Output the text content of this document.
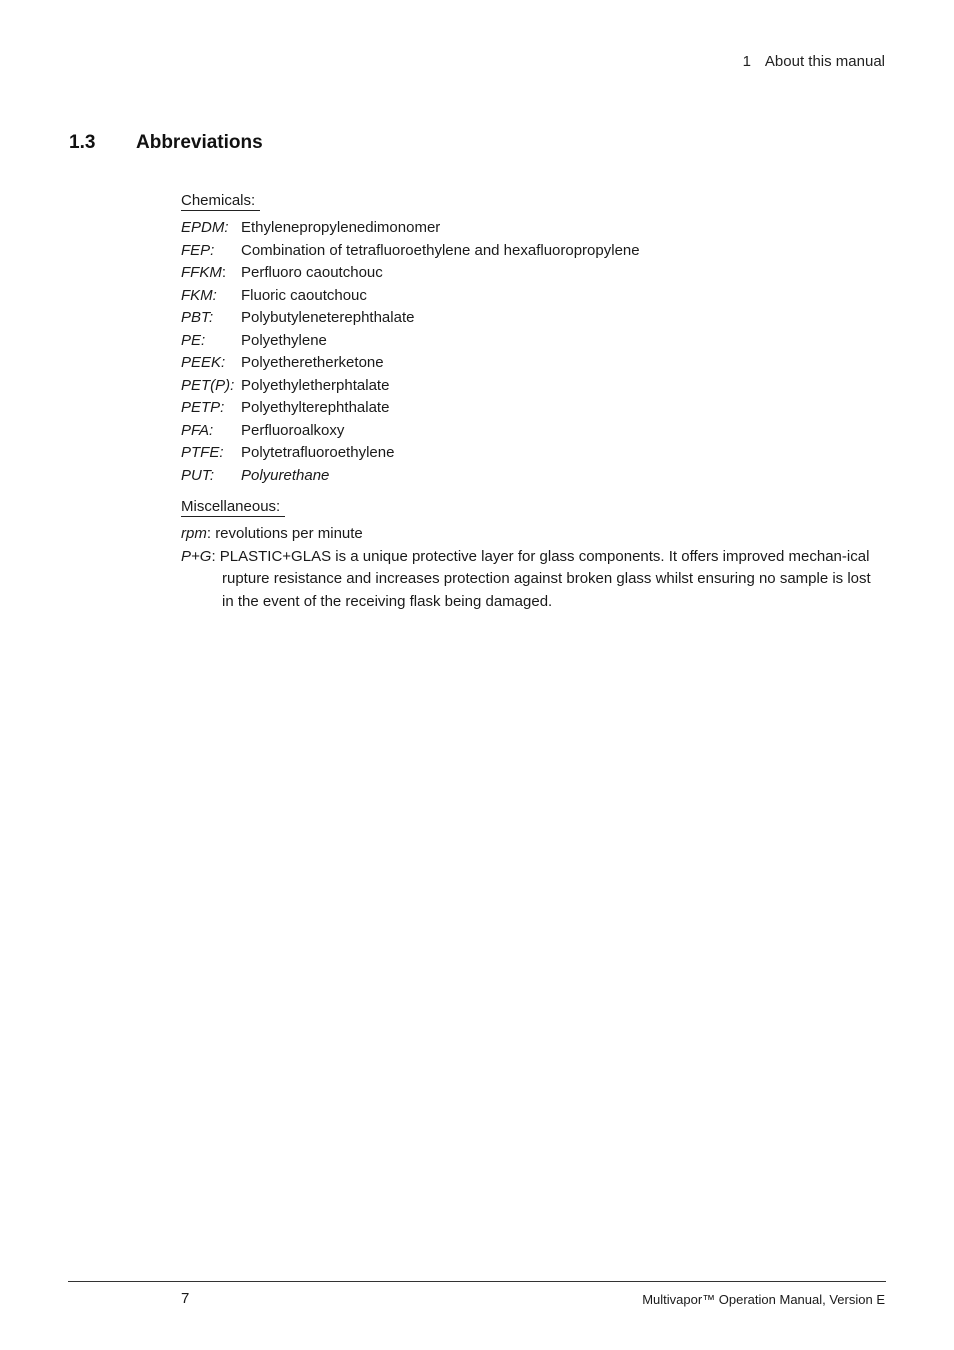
1 About this manual
1.3 Abbreviations
Chemicals:
EPDM: Ethylenepropylenedimonomer
FEP:	Combination of tetrafluoroethylene and hexafluoropropylene
FFKM:	Perfluoro caoutchouc
FKM:	Fluoric caoutchouc
PBT:	Polybutyleneterephthalate
PE:	Polyethylene
PEEK:	Polyetheretherketone
PET(P): Polyethyletherphtalate
PETP:	Polyethylterephthalate
PFA:	Perfluoroalkoxy
PTFE:	Polytetrafluoroethylene
PUT:	Polyurethane
Miscellaneous:
rpm: revolutions per minute
P+G: PLASTIC+GLAS is a unique protective layer for glass components. It offers improved mechan-ical rupture resistance and increases protection against broken glass whilst ensuring no sample is lost in the event of the receiving flask being damaged.
7	Multivapor™ Operation Manual, Version E
